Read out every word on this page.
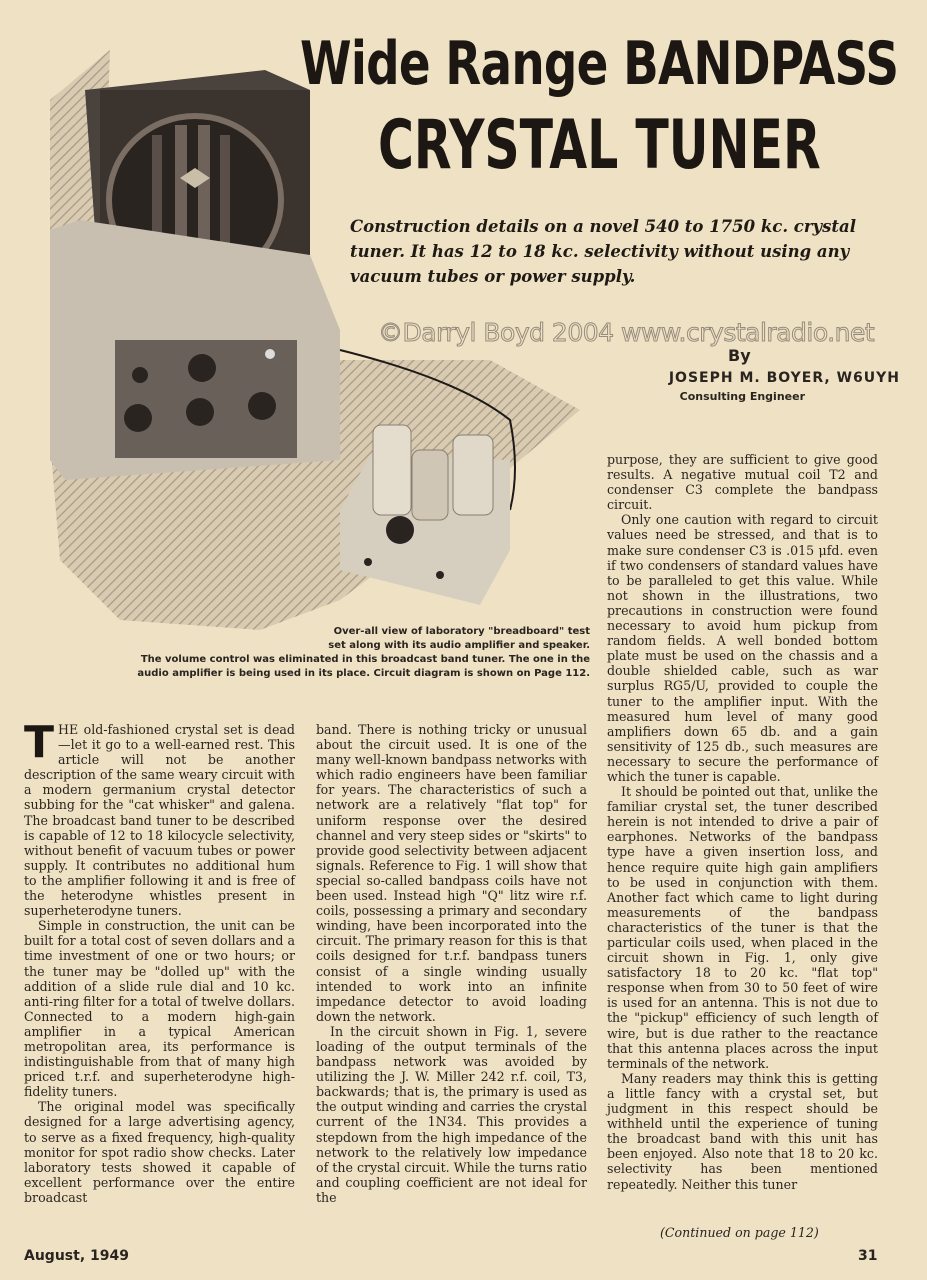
Wide Range BANDPASS
CRYSTAL TUNER
Construction details on a novel 540 to 1750 kc. crystal tuner. It has 12 to 18 kc. selectivity without using any vacuum tubes or power supply.
©Darryl Boyd 2004 www.crystalradio.net
By
JOSEPH M. BOYER, W6UYH
Consulting Engineer
Over-all view of laboratory "breadboard" test
set along with its audio amplifier and speaker.
The volume control was eliminated in this broadcast band tuner. The one in the
audio amplifier is being used in its place. Circuit diagram is shown on Page 112.

THE old-fashioned crystal set is dead—let it go to a well-earned rest. This article will not be another description of the same weary circuit with a modern germanium crystal detector subbing for the "cat whisker" and galena. The broadcast band tuner to be described is capable of 12 to 18 kilocycle selectivity, without benefit of vacuum tubes or power supply. It contributes no additional hum to the amplifier following it and is free of the heterodyne whistles present in superheterodyne tuners.

Simple in construction, the unit can be built for a total cost of seven dollars and a time investment of one or two hours; or the tuner may be "dolled up" with the addition of a slide rule dial and 10 kc. anti-ring filter for a total of twelve dollars. Connected to a modern high-gain amplifier in a typical American metropolitan area, its performance is indistinguishable from that of many high priced t.r.f. and superheterodyne high-fidelity tuners.

The original model was specifically designed for a large advertising agency, to serve as a fixed frequency, high-quality monitor for spot radio show checks. Later laboratory tests showed it capable of excellent performance over the entire broadcast

band. There is nothing tricky or unusual about the circuit used. It is one of the many well-known bandpass networks with which radio engineers have been familiar for years. The characteristics of such a network are a relatively "flat top" for uniform response over the desired channel and very steep sides or "skirts" to provide good selectivity between adjacent signals. Reference to Fig. 1 will show that special so-called bandpass coils have not been used. Instead high "Q" litz wire r.f. coils, possessing a primary and secondary winding, have been incorporated into the circuit. The primary reason for this is that coils designed for t.r.f. bandpass tuners consist of a single winding usually intended to work into an infinite impedance detector to avoid loading down the network.

In the circuit shown in Fig. 1, severe loading of the output terminals of the bandpass network was avoided by utilizing the J. W. Miller 242 r.f. coil, T3, backwards; that is, the primary is used as the output winding and carries the crystal current of the 1N34. This provides a stepdown from the high impedance of the network to the relatively low impedance of the crystal circuit. While the turns ratio and coupling coefficient are not ideal for the

purpose, they are sufficient to give good results. A negative mutual coil T2 and condenser C3 complete the bandpass circuit.

Only one caution with regard to circuit values need be stressed, and that is to make sure condenser C3 is .015 μfd. even if two condensers of standard values have to be paralleled to get this value. While not shown in the illustrations, two precautions in construction were found necessary to avoid hum pickup from random fields. A well bonded bottom plate must be used on the chassis and a double shielded cable, such as war surplus RG5/U, provided to couple the tuner to the amplifier input. With the measured hum level of many good amplifiers down 65 db. and a gain sensitivity of 125 db., such measures are necessary to secure the performance of which the tuner is capable.

It should be pointed out that, unlike the familiar crystal set, the tuner described herein is not intended to drive a pair of earphones. Networks of the bandpass type have a given insertion loss, and hence require quite high gain amplifiers to be used in conjunction with them. Another fact which came to light during measurements of the bandpass characteristics of the tuner is that the particular coils used, when placed in the circuit shown in Fig. 1, only give satisfactory 18 to 20 kc. "flat top" response when from 30 to 50 feet of wire is used for an antenna. This is not due to the "pickup" efficiency of such length of wire, but is due rather to the reactance that this antenna places across the input terminals of the network.

Many readers may think this is getting a little fancy with a crystal set, but judgment in this respect should be withheld until the experience of tuning the broadcast band with this unit has been enjoyed. Also note that 18 to 20 kc. selectivity has been mentioned repeatedly. Neither this tuner

(Continued on page 112)
August, 1949	31
